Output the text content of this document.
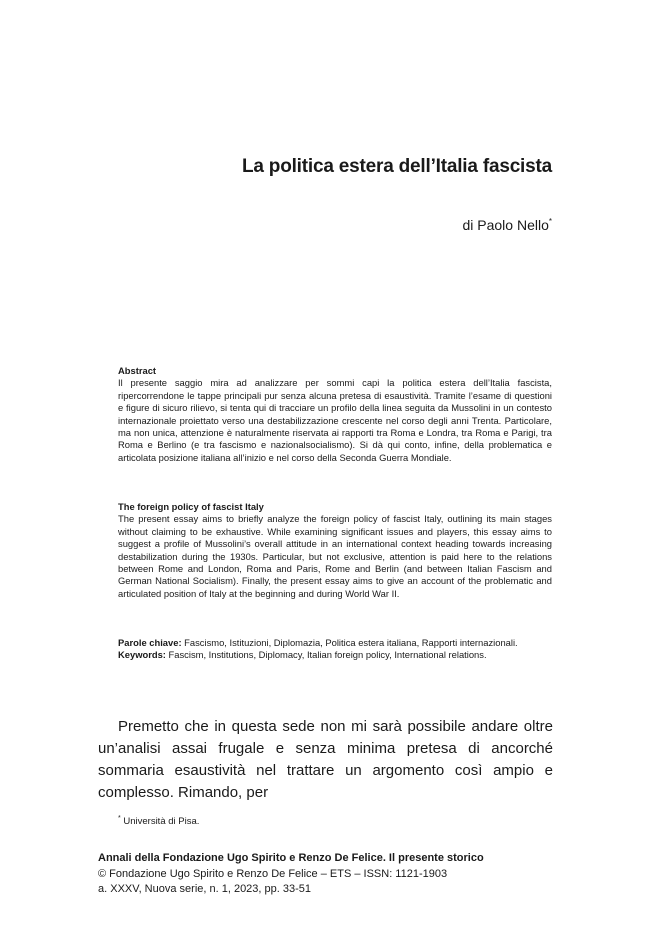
La politica estera dell’Italia fascista
di Paolo Nello*
Abstract

Il presente saggio mira ad analizzare per sommi capi la politica estera dell’Italia fascista, ripercorrendone le tappe principali pur senza alcuna pretesa di esaustività. Tramite l’esame di questioni e figure di sicuro rilievo, si tenta qui di tracciare un profilo della linea seguita da Mussolini in un contesto internazionale proiettato verso una destabilizzazione crescente nel corso degli anni Trenta. Particolare, ma non unica, attenzione è naturalmente riservata ai rapporti tra Roma e Londra, tra Roma e Parigi, tra Roma e Berlino (e tra fascismo e nazionalsocialismo). Si dà qui conto, infine, della problematica e articolata posizione italiana all’inizio e nel corso della Seconda Guerra Mondiale.

The foreign policy of fascist Italy

The present essay aims to briefly analyze the foreign policy of fascist Italy, outlining its main stages without claiming to be exhaustive. While examining significant issues and players, this essay aims to suggest a profile of Mussolini’s overall attitude in an international context heading towards increasing destabilization during the 1930s. Particular, but not exclusive, attention is paid here to the relations between Rome and London, Roma and Paris, Rome and Berlin (and between Italian Fascism and German National Socialism). Finally, the present essay aims to give an account of the problematic and articulated position of Italy at the beginning and during World War II.

Parole chiave: Fascismo, Istituzioni, Diplomazia, Politica estera italiana, Rapporti internazionali.
Keywords: Fascism, Institutions, Diplomacy, Italian foreign policy, International relations.

Premetto che in questa sede non mi sarà possibile andare oltre un’analisi assai frugale e senza minima pretesa di ancorché sommaria esaustività nel trattare un argomento così ampio e complesso. Rimando, per

* Università di Pisa.
Annali della Fondazione Ugo Spirito e Renzo De Felice. Il presente storico
© Fondazione Ugo Spirito e Renzo De Felice – ETS – ISSN: 1121-1903
a. XXXV, Nuova serie, n. 1, 2023, pp. 33-51
